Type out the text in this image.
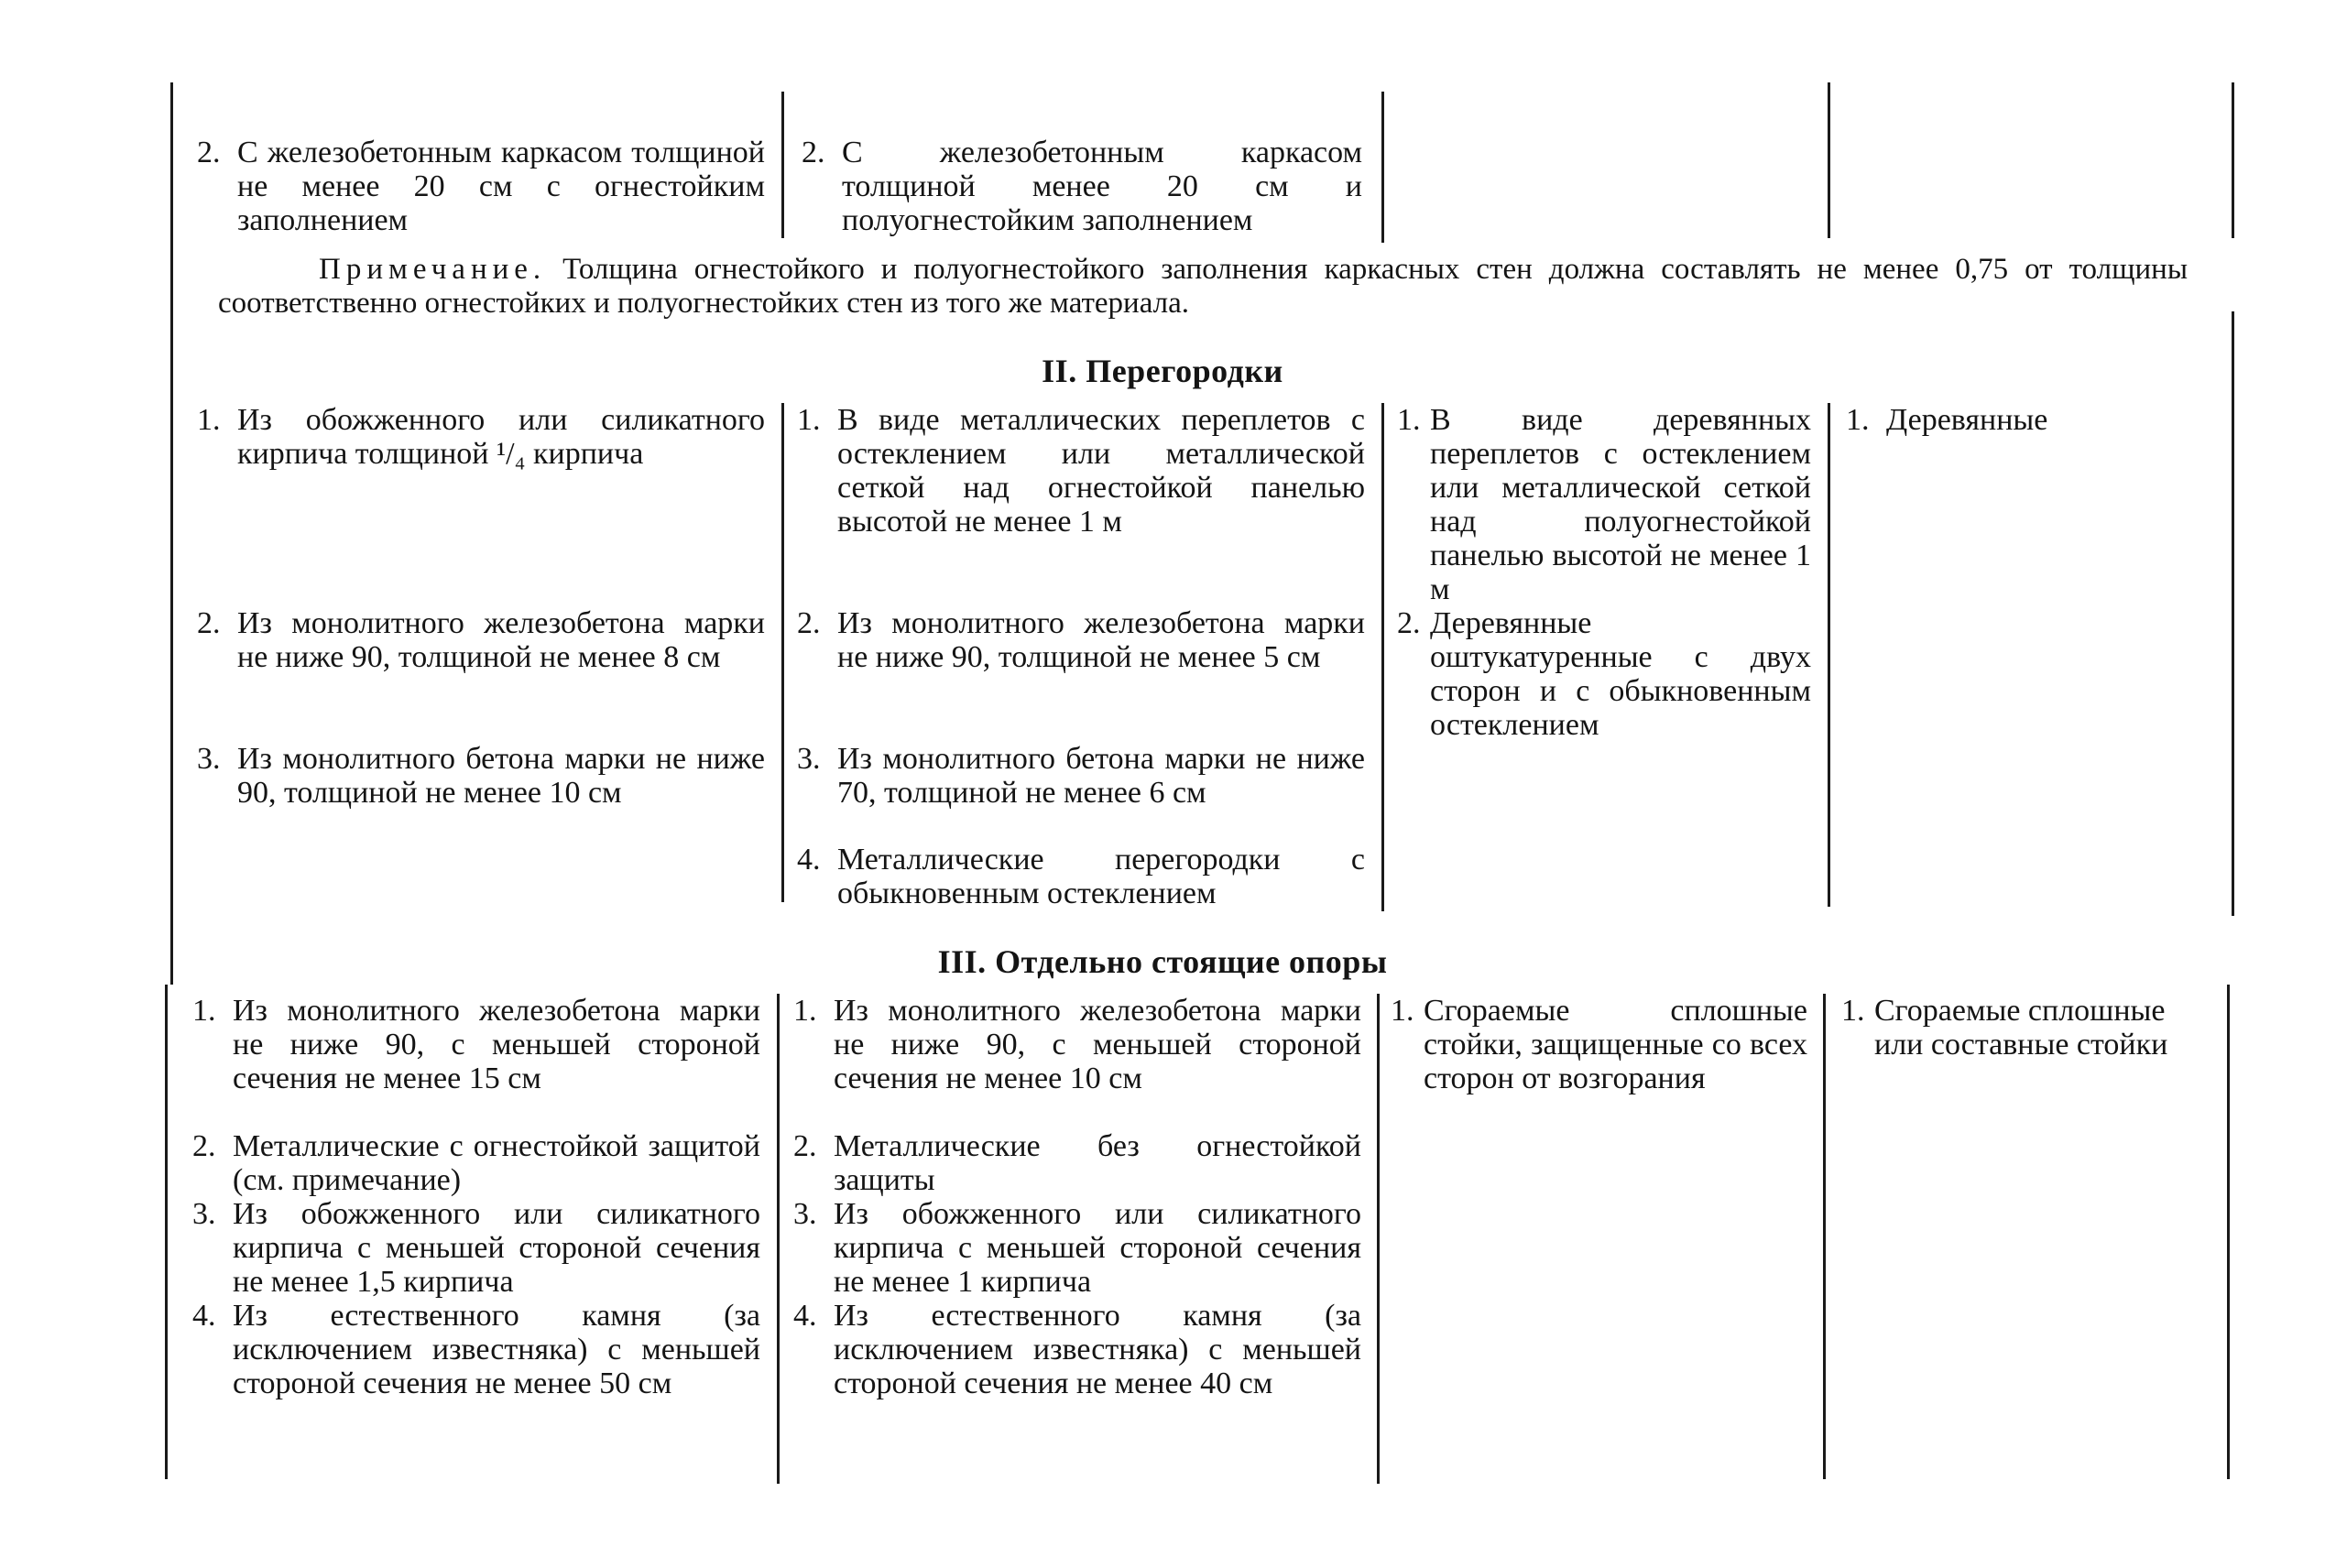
2. С железобетонным каркасом толщиной не менее 20 см с огнестойким заполнением
2. С железобетонным каркасом толщиной менее 20 см и полуогнестойким заполнением
Примечание. Толщина огнестойкого и полуогнестойкого заполнения каркасных стен должна составлять не менее 0,75 от толщины соответственно огнестойких и полуогнестойких стен из того же материала.
II. Перегородки
1. Из обожженного или силикатного кирпича толщиной ¹/₄ кирпича
2. Из монолитного железобетона марки не ниже 90, толщиной не менее 8 см
3. Из монолитного бетона марки не ниже 90, толщиной не менее 10 см
1. В виде металлических переплетов с остеклением или металлической сеткой над огнестойкой панелью высотой не менее 1 м
2. Из монолитного железобетона марки не ниже 90, толщиной не менее 5 см
3. Из монолитного бетона марки не ниже 70, толщиной не менее 6 см
4. Металлические перегородки с обыкновенным остеклением
1. В виде деревянных переплетов с остеклением или металлической сеткой над полуогнестойкой панелью высотой не менее 1 м
2. Деревянные оштукатуренные с двух сторон и с обыкновенным остеклением
1. Деревянные
III. Отдельно стоящие опоры
1. Из монолитного железобетона марки не ниже 90, с меньшей стороной сечения не менее 15 см
2. Металлические с огнестойкой защитой (см. примечание)
3. Из обожженного или силикатного кирпича с меньшей стороной сечения не менее 1,5 кирпича
4. Из естественного камня (за исключением известняка) с меньшей стороной сечения не менее 50 см
1. Из монолитного железобетона марки не ниже 90, с меньшей стороной сечения не менее 10 см
2. Металлические без огнестойкой защиты
3. Из обожженного или силикатного кирпича с меньшей стороной сечения не менее 1 кирпича
4. Из естественного камня (за исключением известняка) с меньшей стороной сечения не менее 40 см
1. Сгораемые сплошные стойки, защищенные со всех сторон от возгорания
1. Сгораемые сплошные или составные стойки
